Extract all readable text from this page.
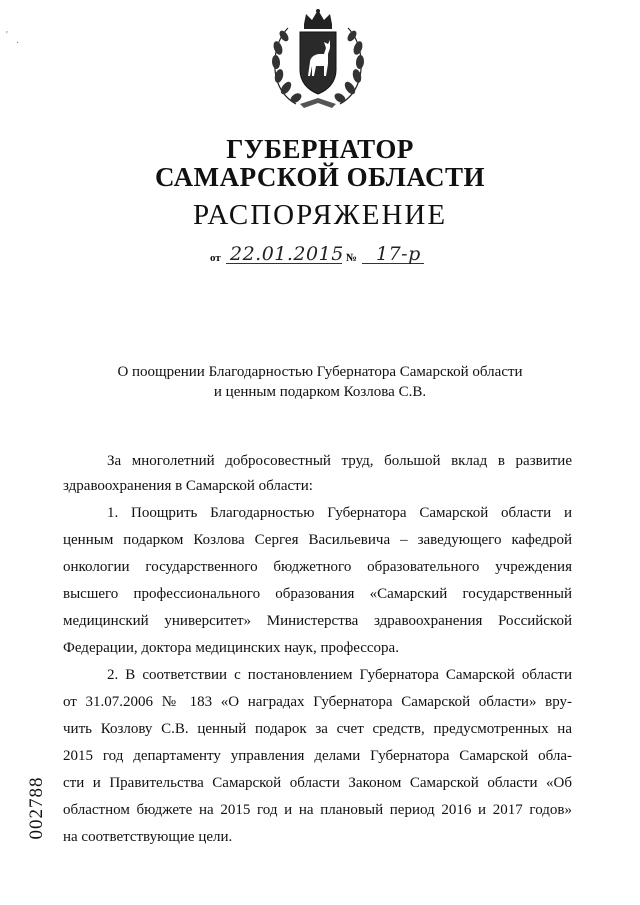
'
·
ГУБЕРНАТОР
САМАРСКОЙ ОБЛАСТИ
РАСПОРЯЖЕНИЕ
от 22.01.2015 № 17-р
О поощрении Благодарностью Губернатора Самарской области
и ценным подарком Козлова С.В.
За многолетний добросовестный труд, большой вклад в развитие
здравоохранения в Самарской области:
1. Поощрить Благодарностью Губернатора Самарской области и
ценным подарком Козлова Сергея Васильевича – заведующего кафедрой
онкологии государственного бюджетного образовательного учреждения
высшего профессионального образования «Самарский государственный
медицинский университет» Министерства здравоохранения Российской
Федерации, доктора медицинских наук, профессора.
2. В соответствии с постановлением Губернатора Самарской области
от 31.07.2006 № 183 «О наградах Губернатора Самарской области» вру-
чить Козлову С.В. ценный подарок за счет средств, предусмотренных на
2015 год департаменту управления делами Губернатора Самарской обла-
сти и Правительства Самарской области Законом Самарской области «Об
областном бюджете на 2015 год и на плановый период 2016 и 2017 годов»
на соответствующие цели.
002788
